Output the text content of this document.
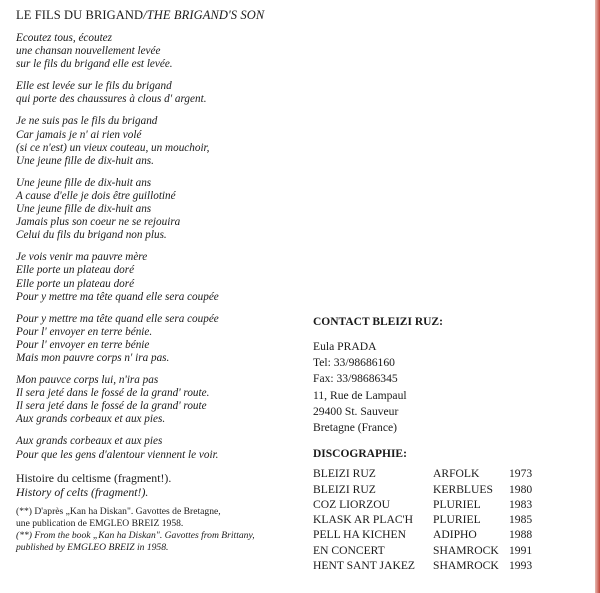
LE FILS DU BRIGAND/THE BRIGAND'S SON
Ecoutez tous, écoutez
une chansan nouvellement levée
sur le fils du brigand elle est levée.
Elle est levée sur le fils du brigand
qui porte des chaussures à clous d' argent.
Je ne suis pas le fils du brigand
Car jamais je n' ai rien volé
(si ce n'est) un vieux couteau, un mouchoir,
Une jeune fille de dix-huit ans.
Une jeune fille de dix-huit ans
A cause d'elle je dois être guillotiné
Une jeune fille de dix-huit ans
Jamais plus son coeur ne se rejouira
Celui du fils du brigand non plus.
Je vois venir ma pauvre mère
Elle porte un plateau doré
Elle porte un plateau doré
Pour y mettre ma tête quand elle sera coupée
Pour y mettre ma tête quand elle sera coupée
Pour l' envoyer en terre bénie.
Pour l' envoyer en terre bénie
Mais mon pauvre corps n' ira pas.
Mon pauvce corps lui, n'ira pas
Il sera jeté dans le fossé de la grand' route.
Il sera jeté dans le fossé de la grand' route
Aux grands corbeaux et aux pies.
Aux grands corbeaux et aux pies
Pour que les gens d'alentour viennent le voir.
Histoire du celtisme (fragment!).
History of celts (fragment!).
(**) D'après „Kan ha Diskan". Gavottes de Bretagne,
une publication de EMGLEO BREIZ 1958.
(**) From the book „Kan ha Diskan". Gavottes from Brittany,
published by EMGLEO BREIZ in 1958.
CONTACT BLEIZI RUZ:
Eula PRADA
Tel: 33/98686160
Fax: 33/98686345
11, Rue de Lampaul
29400 St. Sauveur
Bretagne (France)
DISCOGRAPHIE:
BLEIZI RUZ	ARFOLK	1973
BLEIZI RUZ	KERBLUES	1980
COZ LIORZOU	PLURIEL	1983
KLASK AR PLAC'H	PLURIEL	1985
PELL HA KICHEN	ADIPHO	1988
EN CONCERT	SHAMROCK	1991
HENT SANT JAKEZ	SHAMROCK	1993
